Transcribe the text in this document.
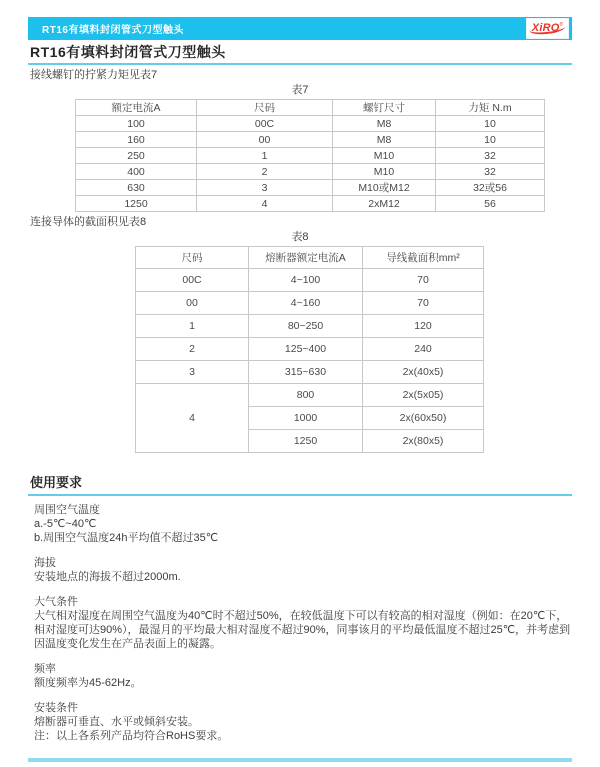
RT16有填料封闭管式刀型触头	XiRO ®
RT16有填料封闭管式刀型触头

接线螺钉的拧紧力矩见表7

表7
额定电流A	尺码	螺钉尺寸	力矩 N.m
100	00C	M8	10
160	00	M8	10
250	1	M10	32
400	2	M10	32
630	3	M10或M12	32或56
1250	4	2xM12	56

连接导体的截面积见表8

表8
尺码	熔断器额定电流A	导线截面积mm²
00C	4~100	70
00	4~160	70
1	80~250	120
2	125~400	240
3	315~630	2x(40x5)
4	800	2x(5x05)
	1000	2x(60x50)
	1250	2x(80x5)
使用要求
周围空气温度
a.-5℃~40℃
b.周围空气温度24h平均值不超过35℃
海拔
安装地点的海拔不超过2000m.
大气条件
大气相对湿度在周围空气温度为40℃时不超过50%，在较低温度下可以有较高的相对湿度（例如：在20℃下，相对湿度可达90%），最湿月的平均最大相对湿度不超过90%，同事该月的平均最低温度不超过25℃，并考虑到因温度变化发生在产品表面上的凝露。
频率
额度频率为45-62Hz。
安装条件
熔断器可垂直、水平或倾斜安装。
注：以上各系列产品均符合RoHS要求。
